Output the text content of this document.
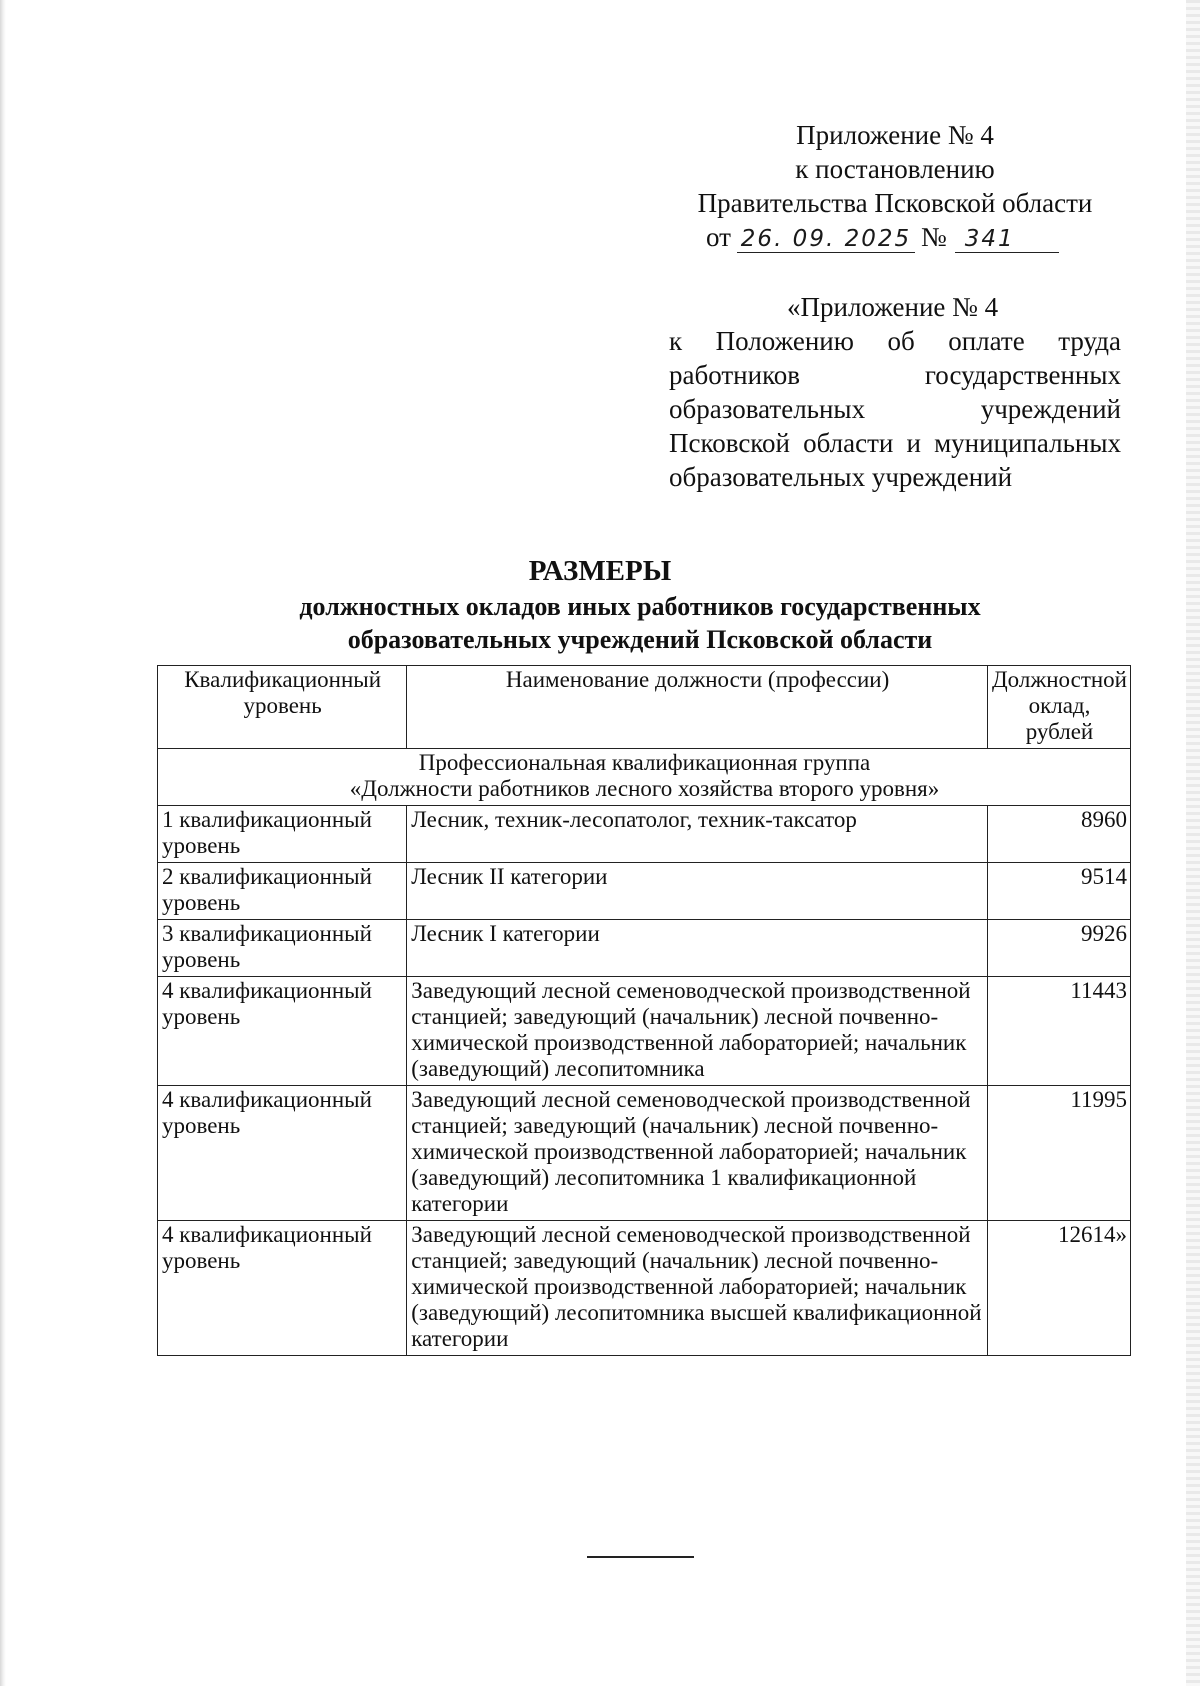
Приложение № 4
к постановлению
Правительства Псковской области
от 26. 09. 2025 № 341
«Приложение № 4
к Положению об оплате труда работников государственных образовательных учреждений Псковской области и муниципальных образовательных учреждений
РАЗМЕРЫ
должностных окладов иных работников государственных
образовательных учреждений Псковской области
Квалификационный уровень	Наименование должности (профессии)	Должностной оклад, рублей

Профессиональная квалификационная группа
«Должности работников лесного хозяйства второго уровня»		

1 квалификационный уровень	Лесник, техник-лесопатолог, техник-таксатор	8960
2 квалификационный уровень	Лесник II категории	9514
3 квалификационный уровень	Лесник I категории	9926
4 квалификационный уровень	Заведующий лесной семеноводческой производственной станцией; заведующий (начальник) лесной почвенно-химической производственной лабораторией; начальник (заведующий) лесопитомника	11443
4 квалификационный уровень	Заведующий лесной семеноводческой производственной станцией; заведующий (начальник) лесной почвенно-химической производственной лабораторией; начальник (заведующий) лесопитомника 1 квалификационной категории	11995
4 квалификационный уровень	Заведующий лесной семеноводческой производственной станцией; заведующий (начальник) лесной почвенно-химической производственной лабораторией; начальник (заведующий) лесопитомника высшей квалификационной категории	12614»
